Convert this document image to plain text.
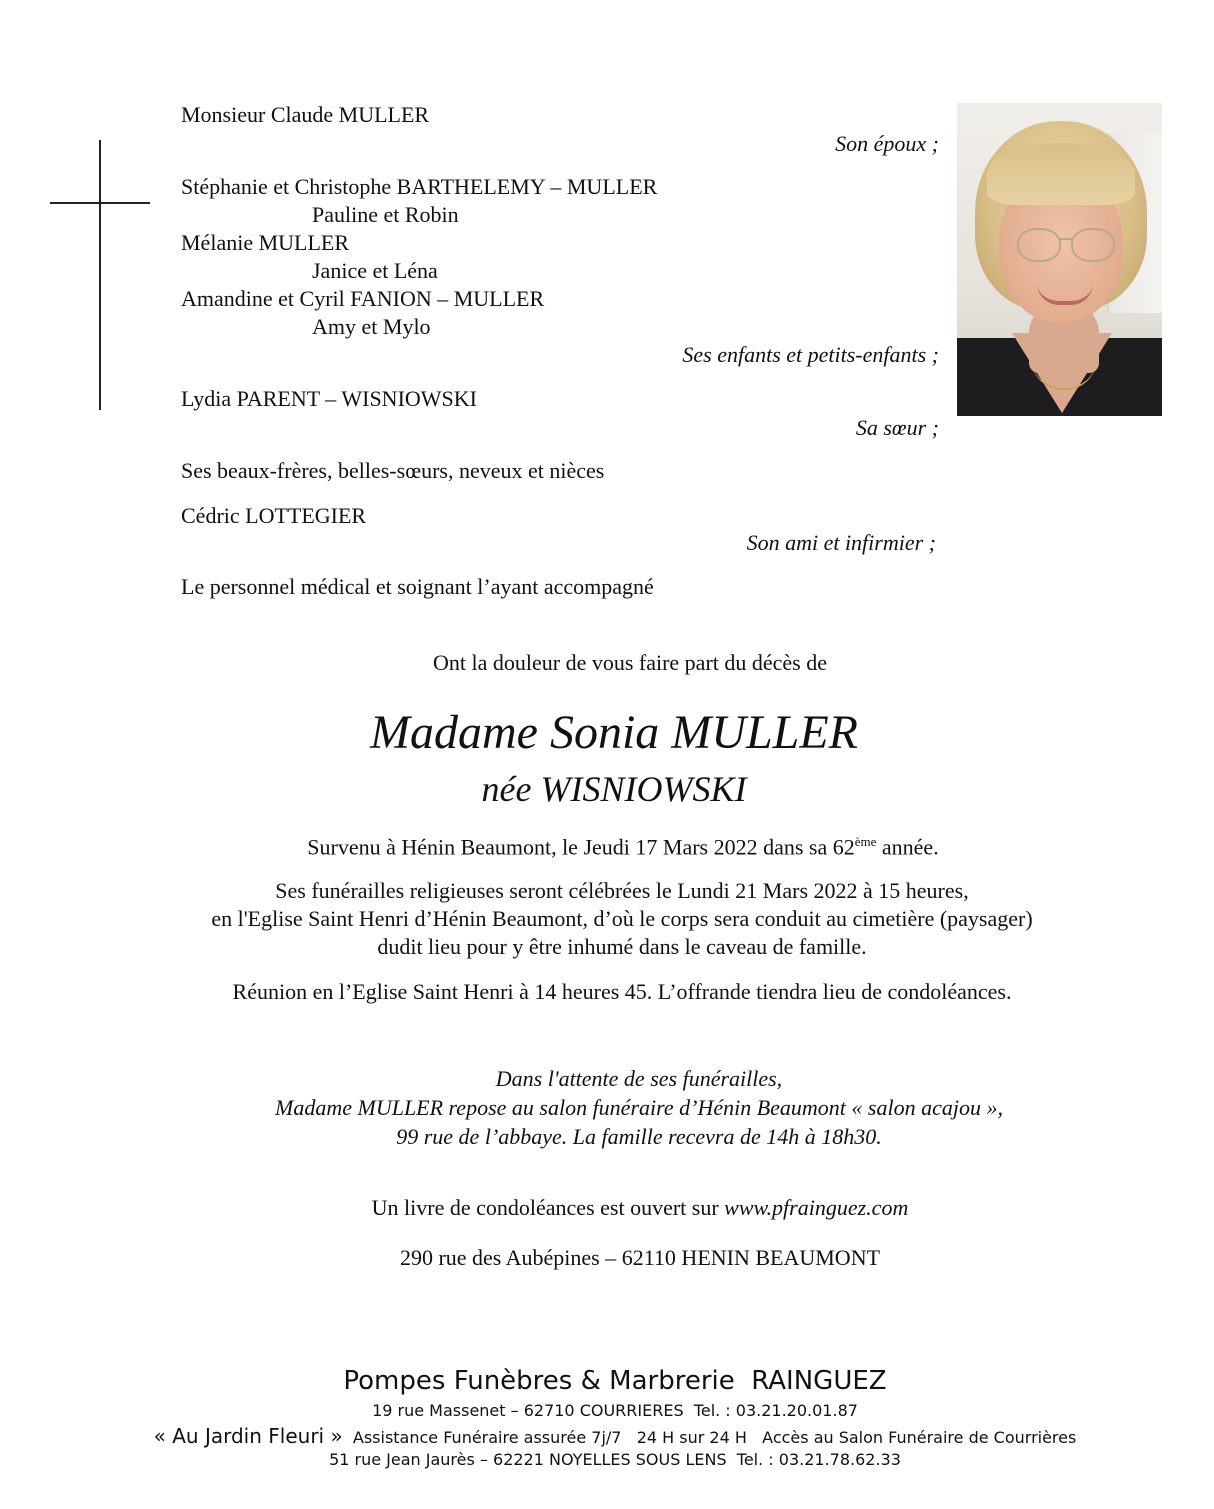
Monsieur Claude MULLER
Son époux ;
Stéphanie et Christophe BARTHELEMY – MULLER
Pauline et Robin
Mélanie MULLER
Janice et Léna
Amandine et Cyril FANION – MULLER
Amy et Mylo
Ses enfants et petits-enfants ;
Lydia PARENT – WISNIOWSKI
Sa sœur ;
Ses beaux-frères, belles-sœurs, neveux et nièces
Cédric LOTTEGIER
Son ami et infirmier ;
Le personnel médical et soignant l’ayant accompagné
Ont la douleur de vous faire part du décès de
Madame Sonia MULLER
née WISNIOWSKI
Survenu à Hénin Beaumont, le Jeudi 17 Mars 2022 dans sa 62ème année.
Ses funérailles religieuses seront célébrées le Lundi 21 Mars 2022 à 15 heures,
en l'Eglise Saint Henri d’Hénin Beaumont, d’où le corps sera conduit au cimetière (paysager)
dudit lieu pour y être inhumé dans le caveau de famille.
Réunion en l’Eglise Saint Henri à 14 heures 45. L’offrande tiendra lieu de condoléances.
Dans l'attente de ses funérailles,
Madame MULLER repose au salon funéraire d’Hénin Beaumont « salon acajou »,
99 rue de l’abbaye. La famille recevra de 14h à 18h30.
Un livre de condoléances est ouvert sur www.pfrainguez.com
290 rue des Aubépines – 62110 HENIN BEAUMONT
Pompes Funèbres & Marbrerie  RAINGUEZ
19 rue Massenet – 62710 COURRIERES  Tel. : 03.21.20.01.87
« Au Jardin Fleuri » Assistance Funéraire assurée 7j/7   24 H sur 24 H   Accès au Salon Funéraire de Courrières
51 rue Jean Jaurès – 62221 NOYELLES SOUS LENS  Tel. : 03.21.78.62.33
